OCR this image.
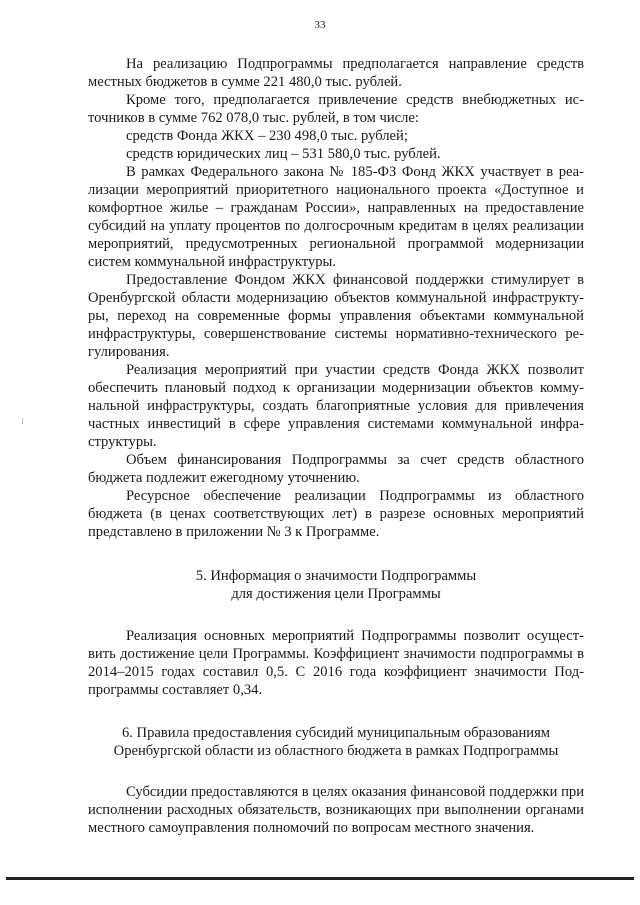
33

На реализацию Подпрограммы предполагается направление средств местных бюджетов в сумме 221 480,0 тыс. рублей.

Кроме того, предполагается привлечение средств внебюджетных источников в сумме 762 078,0 тыс. рублей, в том числе:

средств Фонда ЖКХ – 230 498,0 тыс. рублей;

средств юридических лиц – 531 580,0 тыс. рублей.

В рамках Федерального закона № 185-ФЗ Фонд ЖКХ участвует в реализации мероприятий приоритетного национального проекта «Доступное и комфортное жилье – гражданам России», направленных на предоставление субсидий на уплату процентов по долгосрочным кредитам в целях реализации мероприятий, предусмотренных региональной программой модернизации систем коммунальной инфраструктуры.

Предоставление Фондом ЖКХ финансовой поддержки стимулирует в Оренбургской области модернизацию объектов коммунальной инфраструктуры, переход на современные формы управления объектами коммунальной инфраструктуры, совершенствование системы нормативно-технического регулирования.

Реализация мероприятий при участии средств Фонда ЖКХ позволит обеспечить плановый подход к организации модернизации объектов коммунальной инфраструктуры, создать благоприятные условия для привлечения частных инвестиций в сфере управления системами коммунальной инфраструктуры.

Объем финансирования Подпрограммы за счет средств областного бюджета подлежит ежегодному уточнению.

Ресурсное обеспечение реализации Подпрограммы из областного бюджета (в ценах соответствующих лет) в разрезе основных мероприятий представлено в приложении № 3 к Программе.

5. Информация о значимости Подпрограммы
для достижения цели Программы

Реализация основных мероприятий Подпрограммы позволит осуществить достижение цели Программы. Коэффициент значимости подпрограммы в 2014–2015 годах составил 0,5. С 2016 года коэффициент значимости Подпрограммы составляет 0,34.

6. Правила предоставления субсидий муниципальным образованиям
Оренбургской области из областного бюджета в рамках Подпрограммы

Субсидии предоставляются в целях оказания финансовой поддержки при исполнении расходных обязательств, возникающих при выполнении органами местного самоуправления полномочий по вопросам местного значения.
